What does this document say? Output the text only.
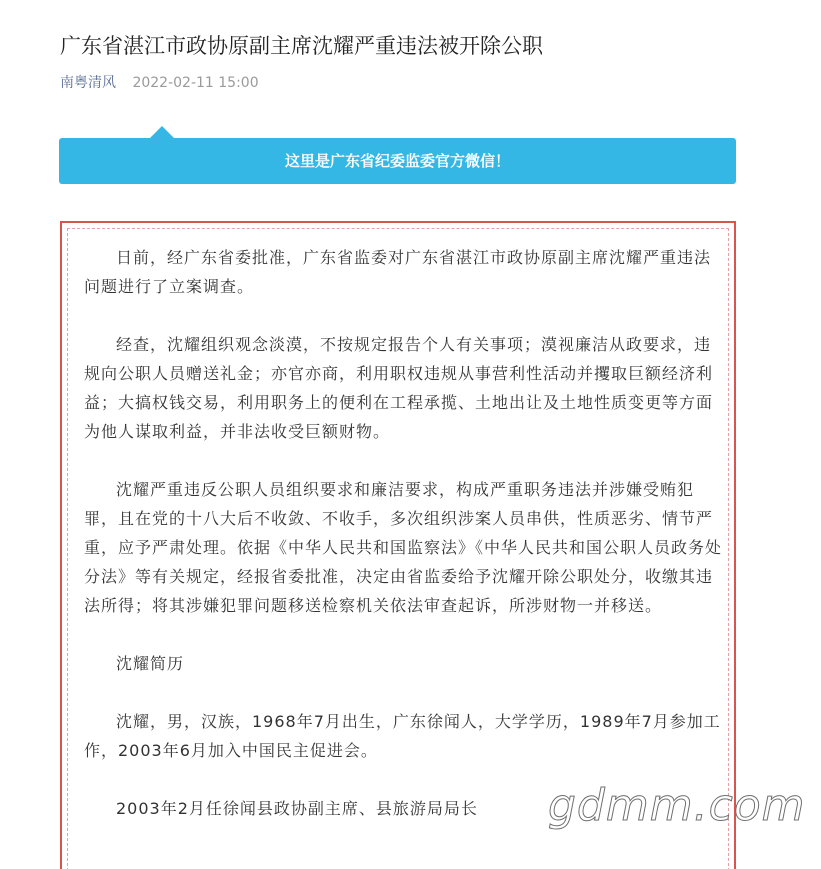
广东省湛江市政协原副主席沈耀严重违法被开除公职
南粤清风 2022-02-11 15:00
这里是广东省纪委监委官方微信！

日前，经广东省委批准，广东省监委对广东省湛江市政协原副主席沈耀严重违法问题进行了立案调查。

经查，沈耀组织观念淡漠，不按规定报告个人有关事项；漠视廉洁从政要求，违规向公职人员赠送礼金；亦官亦商，利用职权违规从事营利性活动并攫取巨额经济利益；大搞权钱交易，利用职务上的便利在工程承揽、土地出让及土地性质变更等方面为他人谋取利益，并非法收受巨额财物。

沈耀严重违反公职人员组织要求和廉洁要求，构成严重职务违法并涉嫌受贿犯罪，且在党的十八大后不收敛、不收手，多次组织涉案人员串供，性质恶劣、情节严重，应予严肃处理。依据《中华人民共和国监察法》《中华人民共和国公职人员政务处分法》等有关规定，经报省委批准，决定由省监委给予沈耀开除公职处分，收缴其违法所得；将其涉嫌犯罪问题移送检察机关依法审查起诉，所涉财物一并移送。

沈耀简历

沈耀，男，汉族，1968年7月出生，广东徐闻人，大学学历，1989年7月参加工作，2003年6月加入中国民主促进会。

2003年2月任徐闻县政协副主席、县旅游局局长	gdmm.com
